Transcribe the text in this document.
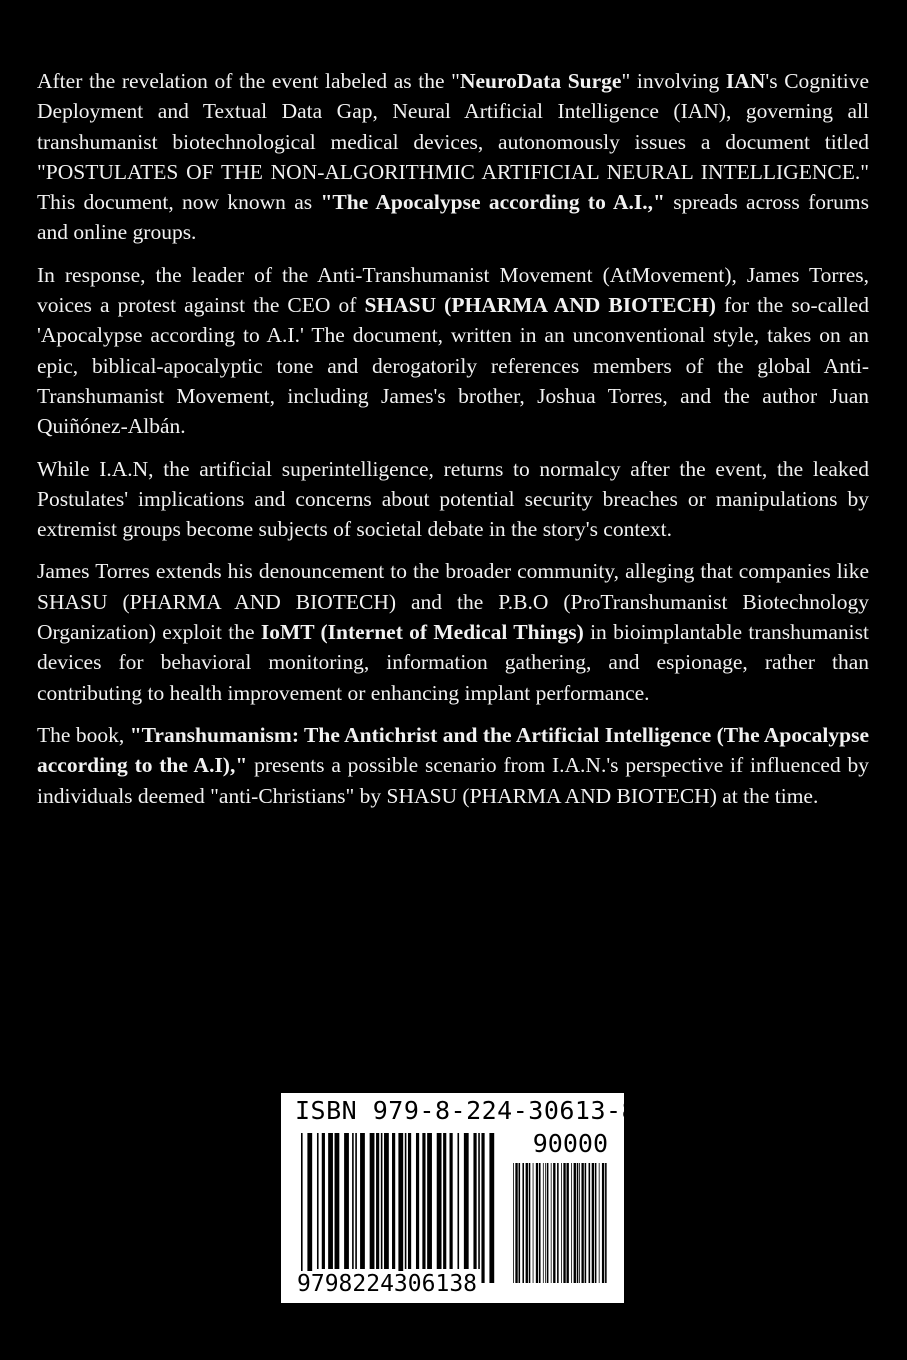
After the revelation of the event labeled as the "NeuroData Surge" involving IAN's Cognitive Deployment and Textual Data Gap, Neural Artificial Intelligence (IAN), governing all transhumanist biotechnological medical devices, autonomously issues a document titled "POSTULATES OF THE NON-ALGORITHMIC ARTIFICIAL NEURAL INTELLIGENCE." This document, now known as "The Apocalypse according to A.I.," spreads across forums and online groups.

In response, the leader of the Anti-Transhumanist Movement (AtMovement), James Torres, voices a protest against the CEO of SHASU (PHARMA AND BIOTECH) for the so-called 'Apocalypse according to A.I.' The document, written in an unconventional style, takes on an epic, biblical-apocalyptic tone and derogatorily references members of the global Anti-Transhumanist Movement, including James's brother, Joshua Torres, and the author Juan Quiñónez-Albán.

While I.A.N, the artificial superintelligence, returns to normalcy after the event, the leaked Postulates' implications and concerns about potential security breaches or manipulations by extremist groups become subjects of societal debate in the story's context.

James Torres extends his denouncement to the broader community, alleging that companies like SHASU (PHARMA AND BIOTECH) and the P.B.O (ProTranshumanist Biotechnology Organization) exploit the IoMT (Internet of Medical Things) in bioimplantable transhumanist devices for behavioral monitoring, information gathering, and espionage, rather than contributing to health improvement or enhancing implant performance.

The book, "Transhumanism: The Antichrist and the Artificial Intelligence (The Apocalypse according to the A.I)," presents a possible scenario from I.A.N.'s perspective if influenced by individuals deemed "anti-Christians" by SHASU (PHARMA AND BIOTECH) at the time.

ISBN 979-8-224-30613-8
90000
9798224306138
